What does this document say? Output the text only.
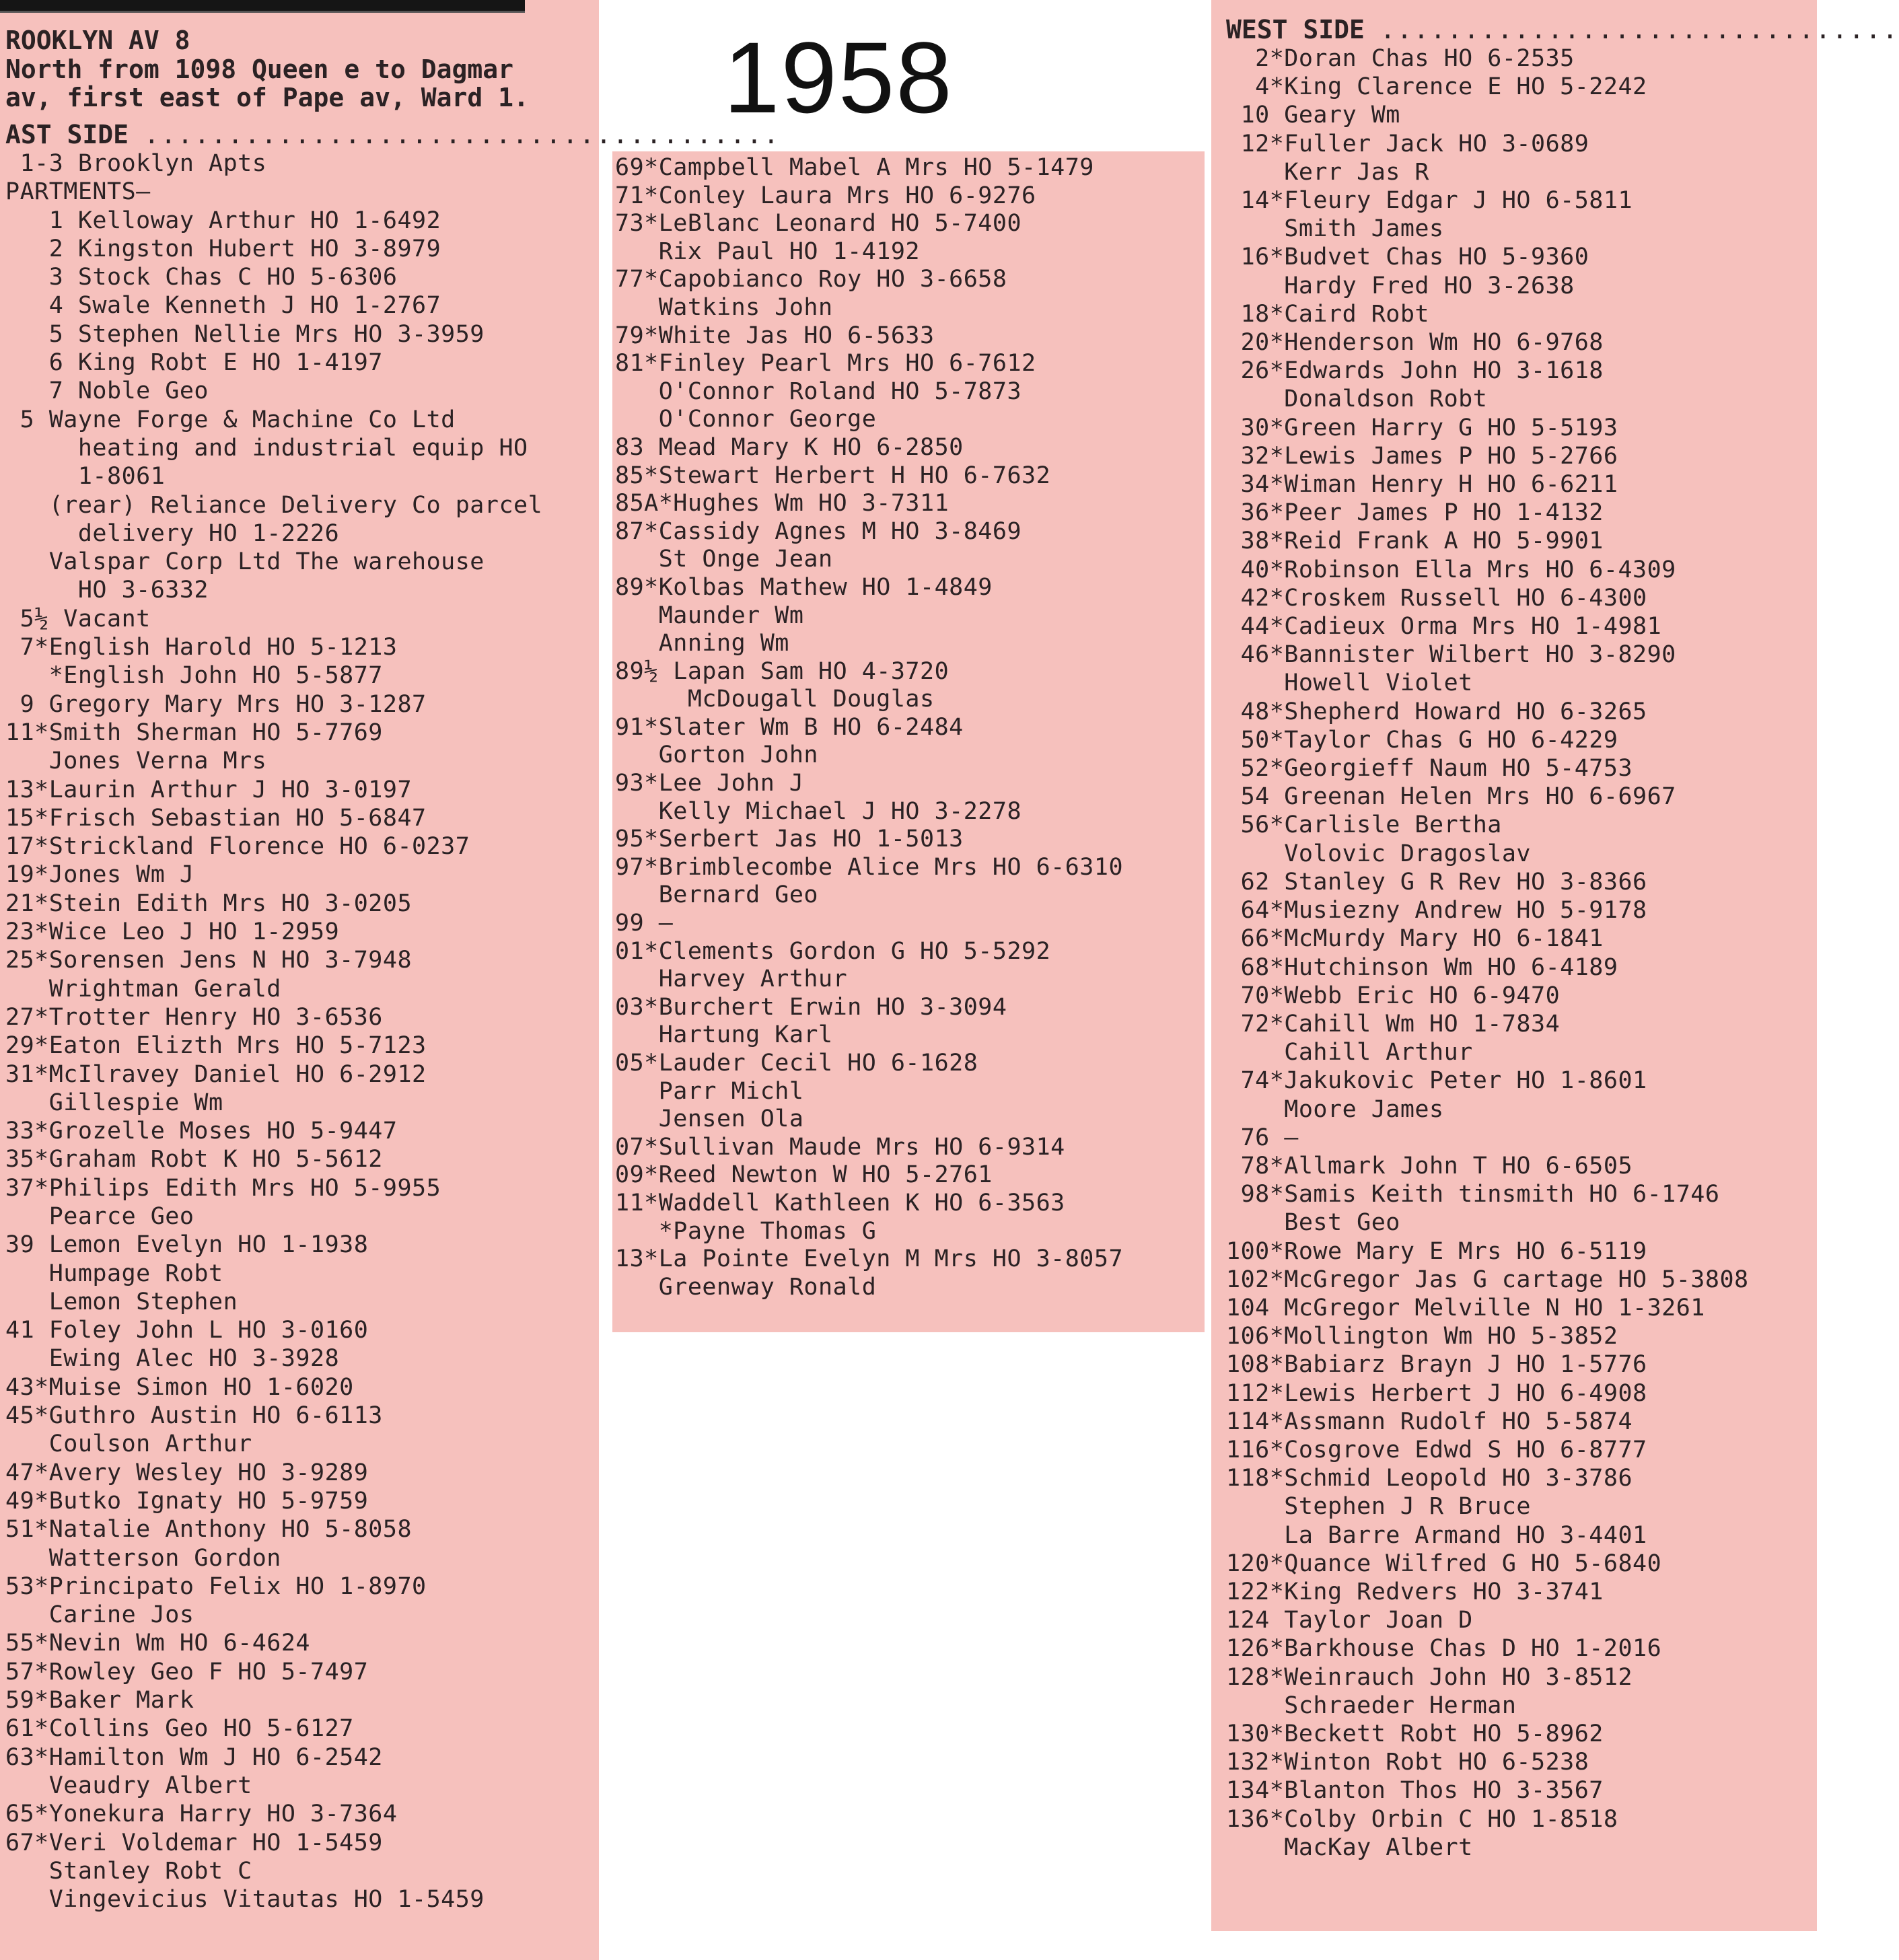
1958
ROOKLYN AV 8
North from 1098 Queen e to Dagmar
av, first east of Pape av, Ward 1.
AST SIDE ......................................
1-3 Brooklyn Apts
PARTMENTS—
1 Kelloway Arthur HO 1-6492
2 Kingston Hubert HO 3-8979
3 Stock Chas C HO 5-6306
4 Swale Kenneth J HO 1-2767
5 Stephen Nellie Mrs HO 3-3959
6 King Robt E HO 1-4197
7 Noble Geo
5 Wayne Forge & Machine Co Ltd
heating and industrial equip HO
1-8061
(rear) Reliance Delivery Co parcel
delivery HO 1-2226
Valspar Corp Ltd The warehouse
HO 3-6332
5½ Vacant
7*English Harold HO 5-1213
*English John HO 5-5877
9 Gregory Mary Mrs HO 3-1287
11*Smith Sherman HO 5-7769
Jones Verna Mrs
13*Laurin Arthur J HO 3-0197
15*Frisch Sebastian HO 5-6847
17*Strickland Florence HO 6-0237
19*Jones Wm J
21*Stein Edith Mrs HO 3-0205
23*Wice Leo J HO 1-2959
25*Sorensen Jens N HO 3-7948
Wrightman Gerald
27*Trotter Henry HO 3-6536
29*Eaton Elizth Mrs HO 5-7123
31*McIlravey Daniel HO 6-2912
Gillespie Wm
33*Grozelle Moses HO 5-9447
35*Graham Robt K HO 5-5612
37*Philips Edith Mrs HO 5-9955
Pearce Geo
39 Lemon Evelyn HO 1-1938
Humpage Robt
Lemon Stephen
41 Foley John L HO 3-0160
Ewing Alec HO 3-3928
43*Muise Simon HO 1-6020
45*Guthro Austin HO 6-6113
Coulson Arthur
47*Avery Wesley HO 3-9289
49*Butko Ignaty HO 5-9759
51*Natalie Anthony HO 5-8058
Watterson Gordon
53*Principato Felix HO 1-8970
Carine Jos
55*Nevin Wm HO 6-4624
57*Rowley Geo F HO 5-7497
59*Baker Mark
61*Collins Geo HO 5-6127
63*Hamilton Wm J HO 6-2542
Veaudry Albert
65*Yonekura Harry HO 3-7364
67*Veri Voldemar HO 1-5459
Stanley Robt C
Vingevicius Vitautas HO 1-5459
69*Campbell Mabel A Mrs HO 5-1479
71*Conley Laura Mrs HO 6-9276
73*LeBlanc Leonard HO 5-7400
Rix Paul HO 1-4192
77*Capobianco Roy HO 3-6658
Watkins John
79*White Jas HO 6-5633
81*Finley Pearl Mrs HO 6-7612
O'Connor Roland HO 5-7873
O'Connor George
83 Mead Mary K HO 6-2850
85*Stewart Herbert H HO 6-7632
85A*Hughes Wm HO 3-7311
87*Cassidy Agnes M HO 3-8469
St Onge Jean
89*Kolbas Mathew HO 1-4849
Maunder Wm
Anning Wm
89½ Lapan Sam HO 4-3720
McDougall Douglas
91*Slater Wm B HO 6-2484
Gorton John
93*Lee John J
Kelly Michael J HO 3-2278
95*Serbert Jas HO 1-5013
97*Brimblecombe Alice Mrs HO 6-6310
Bernard Geo
99 —
01*Clements Gordon G HO 5-5292
Harvey Arthur
03*Burchert Erwin HO 3-3094
Hartung Karl
05*Lauder Cecil HO 6-1628
Parr Michl
Jensen Ola
07*Sullivan Maude Mrs HO 6-9314
09*Reed Newton W HO 5-2761
11*Waddell Kathleen K HO 6-3563
*Payne Thomas G
13*La Pointe Evelyn M Mrs HO 3-8057
Greenway Ronald
WEST SIDE ...............................
2*Doran Chas HO 6-2535
4*King Clarence E HO 5-2242
10 Geary Wm
12*Fuller Jack HO 3-0689
Kerr Jas R
14*Fleury Edgar J HO 6-5811
Smith James
16*Budvet Chas HO 5-9360
Hardy Fred HO 3-2638
18*Caird Robt
20*Henderson Wm HO 6-9768
26*Edwards John HO 3-1618
Donaldson Robt
30*Green Harry G HO 5-5193
32*Lewis James P HO 5-2766
34*Wiman Henry H HO 6-6211
36*Peer James P HO 1-4132
38*Reid Frank A HO 5-9901
40*Robinson Ella Mrs HO 6-4309
42*Croskem Russell HO 6-4300
44*Cadieux Orma Mrs HO 1-4981
46*Bannister Wilbert HO 3-8290
Howell Violet
48*Shepherd Howard HO 6-3265
50*Taylor Chas G HO 6-4229
52*Georgieff Naum HO 5-4753
54 Greenan Helen Mrs HO 6-6967
56*Carlisle Bertha
Volovic Dragoslav
62 Stanley G R Rev HO 3-8366
64*Musiezny Andrew HO 5-9178
66*McMurdy Mary HO 6-1841
68*Hutchinson Wm HO 6-4189
70*Webb Eric HO 6-9470
72*Cahill Wm HO 1-7834
Cahill Arthur
74*Jakukovic Peter HO 1-8601
Moore James
76 —
78*Allmark John T HO 6-6505
98*Samis Keith tinsmith HO 6-1746
Best Geo
100*Rowe Mary E Mrs HO 6-5119
102*McGregor Jas G cartage HO 5-3808
104 McGregor Melville N HO 1-3261
106*Mollington Wm HO 5-3852
108*Babiarz Brayn J HO 1-5776
112*Lewis Herbert J HO 6-4908
114*Assmann Rudolf HO 5-5874
116*Cosgrove Edwd S HO 6-8777
118*Schmid Leopold HO 3-3786
Stephen J R Bruce
La Barre Armand HO 3-4401
120*Quance Wilfred G HO 5-6840
122*King Redvers HO 3-3741
124 Taylor Joan D
126*Barkhouse Chas D HO 1-2016
128*Weinrauch John HO 3-8512
Schraeder Herman
130*Beckett Robt HO 5-8962
132*Winton Robt HO 6-5238
134*Blanton Thos HO 3-3567
136*Colby Orbin C HO 1-8518
MacKay Albert
